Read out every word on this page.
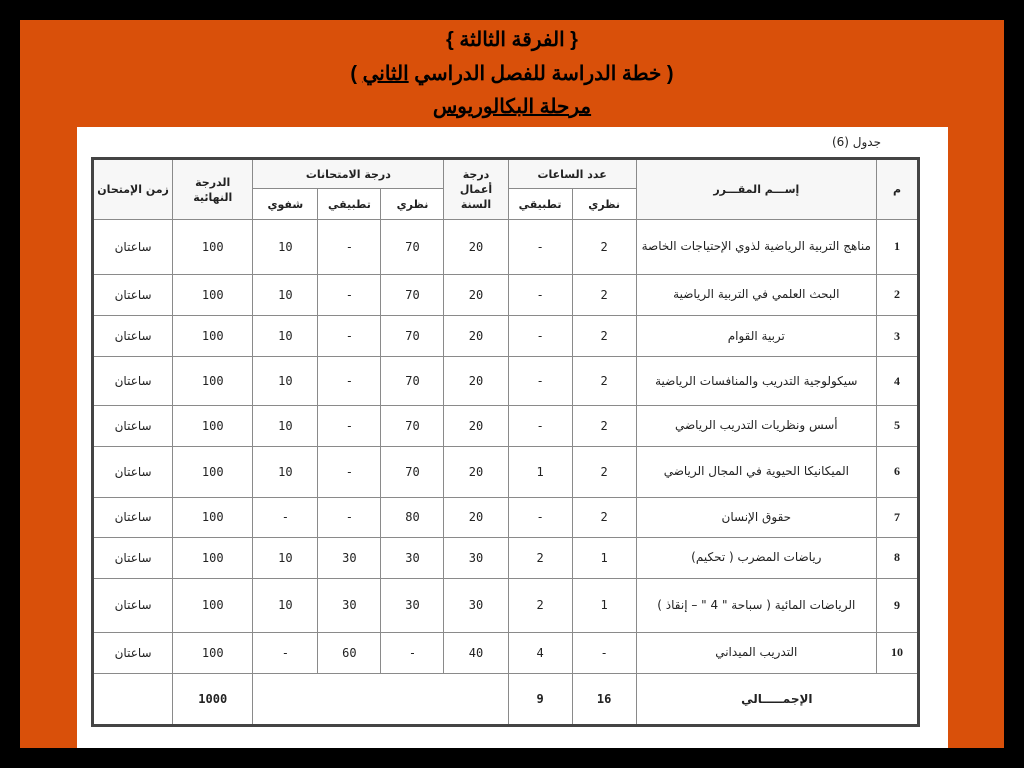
{ الفرقة الثالثة }
( خطة الدراسة للفصل الدراسي الثاني )
مرحلة البكالوريوس
جدول (6)
م	إســـم المقـــرر	عدد الساعات		درجة أعمال السنة	درجة الامتحانات			الدرجة النهائية	زمن الإمتحان
		نظري	تطبيقي		نظري	تطبيقي	شفوي		
1	مناهج التربية الرياضية لذوي الإحتياجات الخاصة	2	-	20	70	-	10	100	ساعتان
2	البحث العلمي في التربية الرياضية	2	-	20	70	-	10	100	ساعتان
3	تربية القوام	2	-	20	70	-	10	100	ساعتان
4	سيكولوجية التدريب والمنافسات الرياضية	2	-	20	70	-	10	100	ساعتان
5	أسس ونظريات التدريب الرياضي	2	-	20	70	-	10	100	ساعتان
6	الميكانيكا الحيوية في المجال الرياضي	2	1	20	70	-	10	100	ساعتان
7	حقوق الإنسان	2	-	20	80	-	-	100	ساعتان
8	رياضات المضرب ( تحكيم)	1	2	30	30	30	10	100	ساعتان
9	الرياضات المائية ( سباحة " 4 " – إنقاذ )	1	2	30	30	30	10	100	ساعتان
10	التدريب الميداني	-	4	40	-	60	-	100	ساعتان
الإجمـــــالي		16	9					1000	
